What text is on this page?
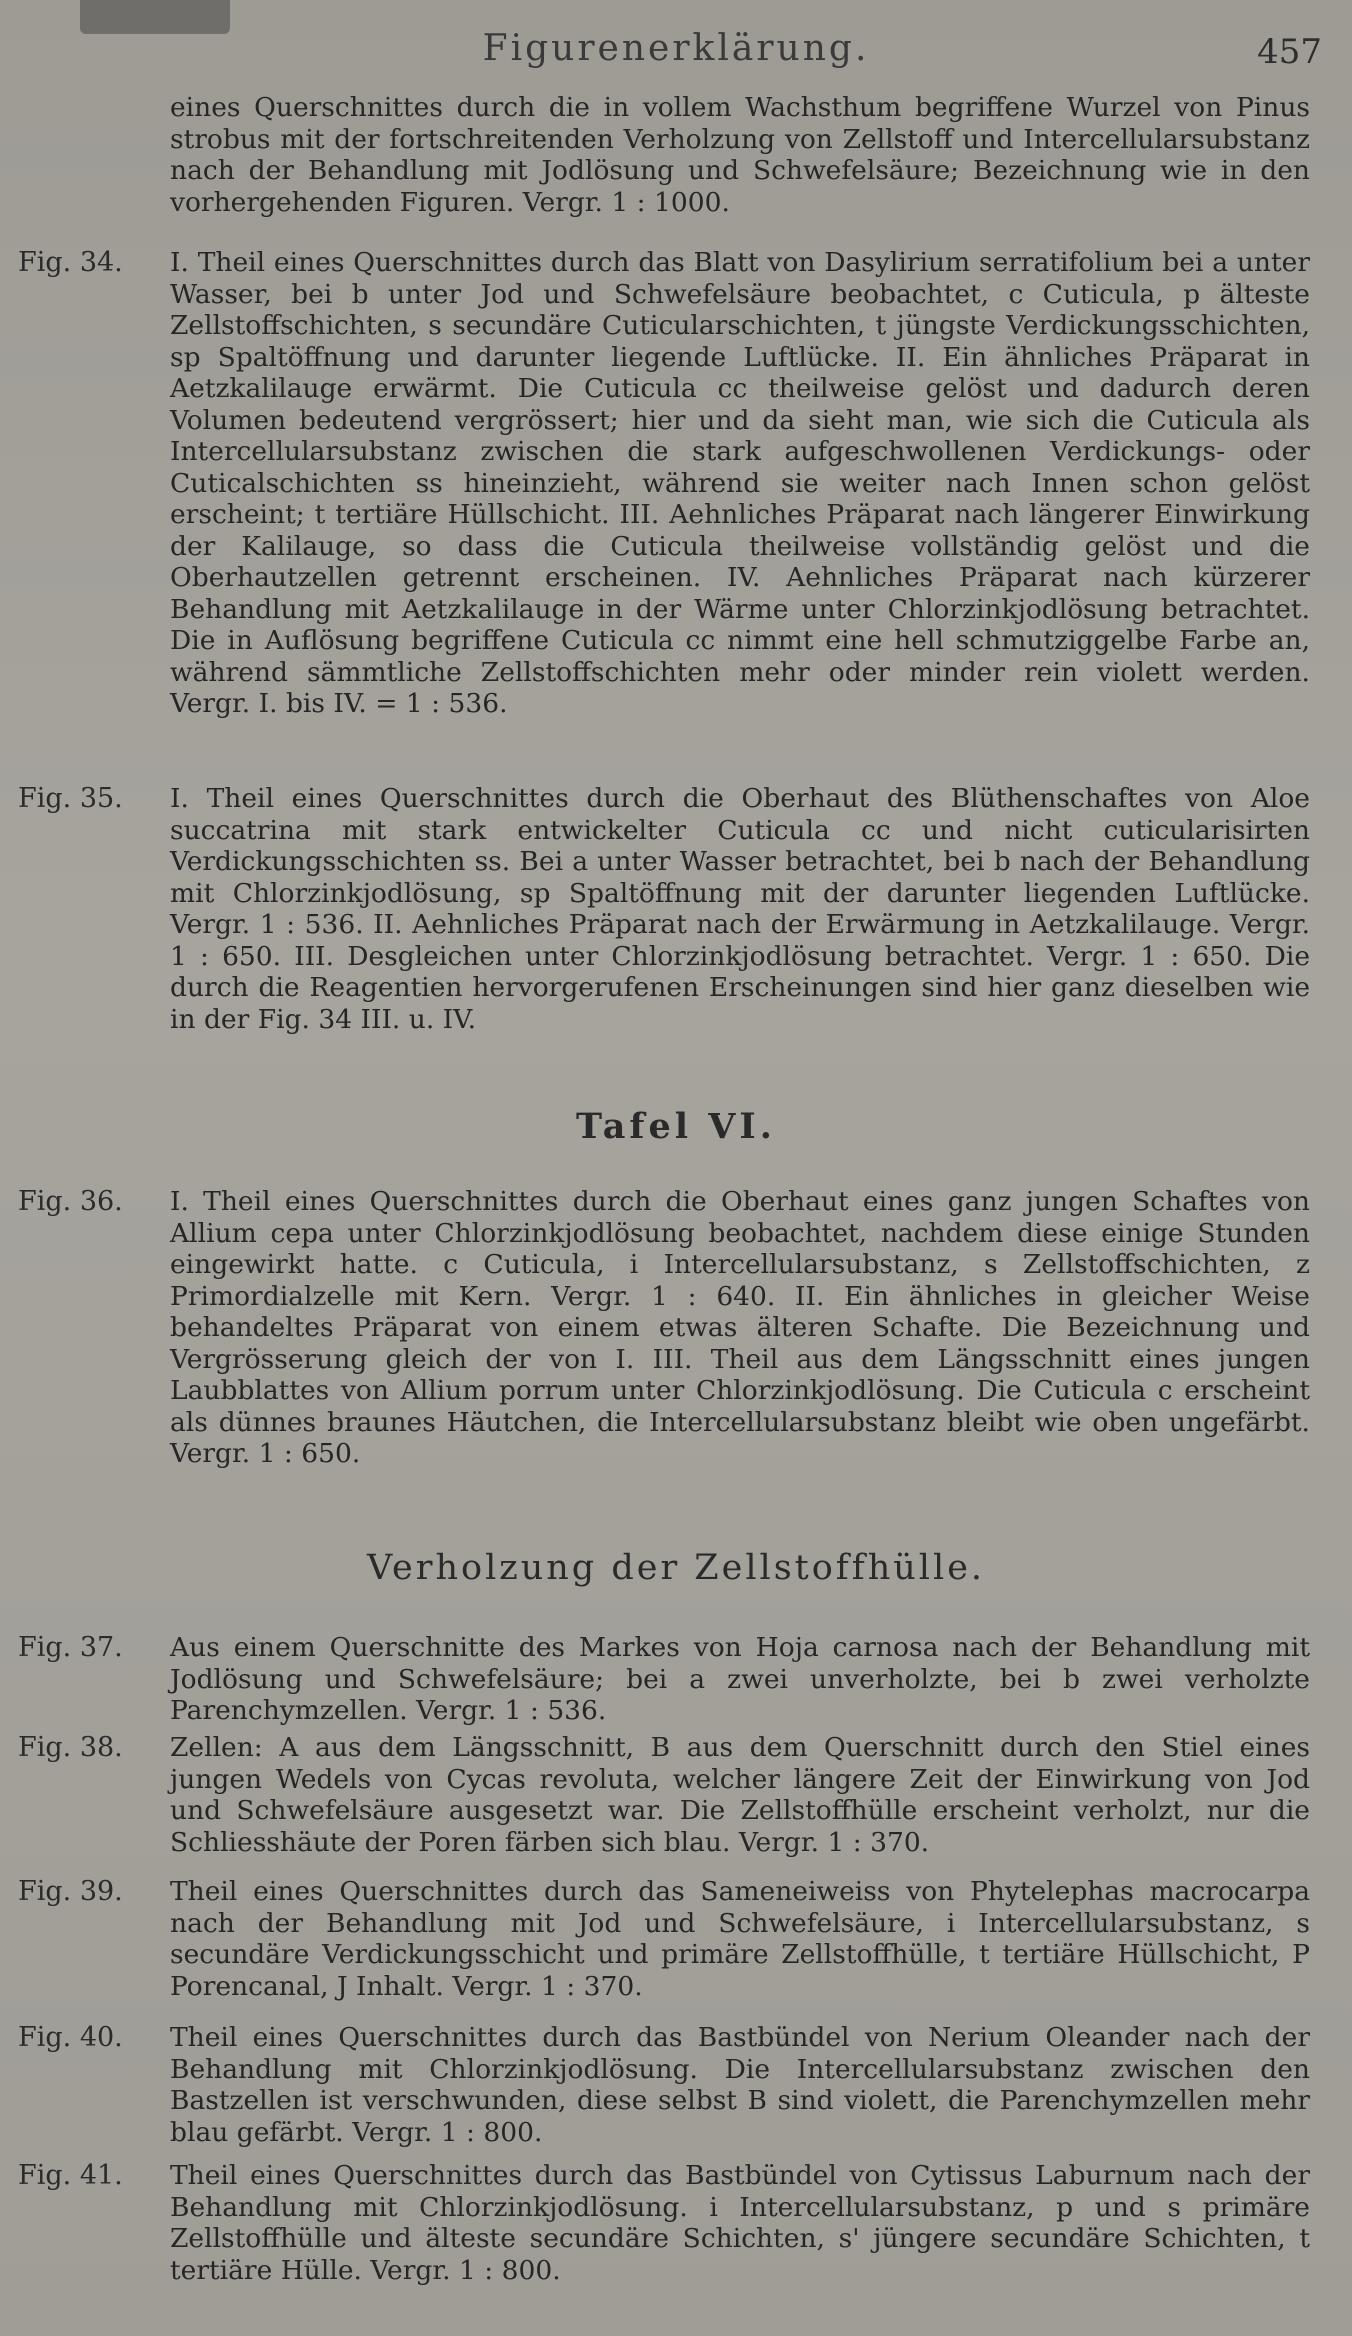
Figurenerklärung.	457
eines Querschnittes durch die in vollem Wachsthum begriffene Wurzel von Pinus strobus mit der fortschreitenden Verholzung von Zellstoff und Intercellularsubstanz nach der Behandlung mit Jodlösung und Schwefelsäure; Bezeichnung wie in den vorhergehenden Figuren. Vergr. 1 : 1000.
Fig. 34. I. Theil eines Querschnittes durch das Blatt von Dasylirium serratifolium bei a unter Wasser, bei b unter Jod und Schwefelsäure beobachtet, c Cuticula, p älteste Zellstoffschichten, s secundäre Cuticularschichten, t jüngste Verdickungsschichten, sp Spaltöffnung und darunter liegende Luftlücke. II. Ein ähnliches Präparat in Aetzkalilauge erwärmt. Die Cuticula cc theilweise gelöst und dadurch deren Volumen bedeutend vergrössert; hier und da sieht man, wie sich die Cuticula als Intercellularsubstanz zwischen die stark aufgeschwollenen Verdickungs- oder Cuticalschichten ss hineinzieht, während sie weiter nach Innen schon gelöst erscheint; t tertiäre Hüllschicht. III. Aehnliches Präparat nach längerer Einwirkung der Kalilauge, so dass die Cuticula theilweise vollständig gelöst und die Oberhautzellen getrennt erscheinen. IV. Aehnliches Präparat nach kürzerer Behandlung mit Aetzkalilauge in der Wärme unter Chlorzinkjodlösung betrachtet. Die in Auflösung begriffene Cuticula cc nimmt eine hell schmutziggelbe Farbe an, während sämmtliche Zellstoffschichten mehr oder minder rein violett werden. Vergr. I. bis IV. = 1 : 536.
Fig. 35. I. Theil eines Querschnittes durch die Oberhaut des Blüthenschaftes von Aloe succatrina mit stark entwickelter Cuticula cc und nicht cuticularisirten Verdickungsschichten ss. Bei a unter Wasser betrachtet, bei b nach der Behandlung mit Chlorzinkjodlösung, sp Spaltöffnung mit der darunter liegenden Luftlücke. Vergr. 1 : 536. II. Aehnliches Präparat nach der Erwärmung in Aetzkalilauge. Vergr. 1 : 650. III. Desgleichen unter Chlorzinkjodlösung betrachtet. Vergr. 1 : 650. Die durch die Reagentien hervorgerufenen Erscheinungen sind hier ganz dieselben wie in der Fig. 34 III. u. IV.
Tafel VI.
Fig. 36. I. Theil eines Querschnittes durch die Oberhaut eines ganz jungen Schaftes von Allium cepa unter Chlorzinkjodlösung beobachtet, nachdem diese einige Stunden eingewirkt hatte. c Cuticula, i Intercellularsubstanz, s Zellstoffschichten, z Primordialzelle mit Kern. Vergr. 1 : 640. II. Ein ähnliches in gleicher Weise behandeltes Präparat von einem etwas älteren Schafte. Die Bezeichnung und Vergrösserung gleich der von I. III. Theil aus dem Längsschnitt eines jungen Laubblattes von Allium porrum unter Chlorzinkjodlösung. Die Cuticula c erscheint als dünnes braunes Häutchen, die Intercellularsubstanz bleibt wie oben ungefärbt. Vergr. 1 : 650.
Verholzung der Zellstoffhülle.
Fig. 37. Aus einem Querschnitte des Markes von Hoja carnosa nach der Behandlung mit Jodlösung und Schwefelsäure; bei a zwei unverholzte, bei b zwei verholzte Parenchymzellen. Vergr. 1 : 536.
Fig. 38. Zellen: A aus dem Längsschnitt, B aus dem Querschnitt durch den Stiel eines jungen Wedels von Cycas revoluta, welcher längere Zeit der Einwirkung von Jod und Schwefelsäure ausgesetzt war. Die Zellstoffhülle erscheint verholzt, nur die Schliesshäute der Poren färben sich blau. Vergr. 1 : 370.
Fig. 39. Theil eines Querschnittes durch das Sameneiweiss von Phytelephas macrocarpa nach der Behandlung mit Jod und Schwefelsäure, i Intercellularsubstanz, s secundäre Verdickungsschicht und primäre Zellstoffhülle, t tertiäre Hüllschicht, P Porencanal, J Inhalt. Vergr. 1 : 370.
Fig. 40. Theil eines Querschnittes durch das Bastbündel von Nerium Oleander nach der Behandlung mit Chlorzinkjodlösung. Die Intercellularsubstanz zwischen den Bastzellen ist verschwunden, diese selbst B sind violett, die Parenchymzellen mehr blau gefärbt. Vergr. 1 : 800.
Fig. 41. Theil eines Querschnittes durch das Bastbündel von Cytissus Laburnum nach der Behandlung mit Chlorzinkjodlösung. i Intercellularsubstanz, p und s primäre Zellstoffhülle und älteste secundäre Schichten, s' jüngere secundäre Schichten, t tertiäre Hülle. Vergr. 1 : 800.
